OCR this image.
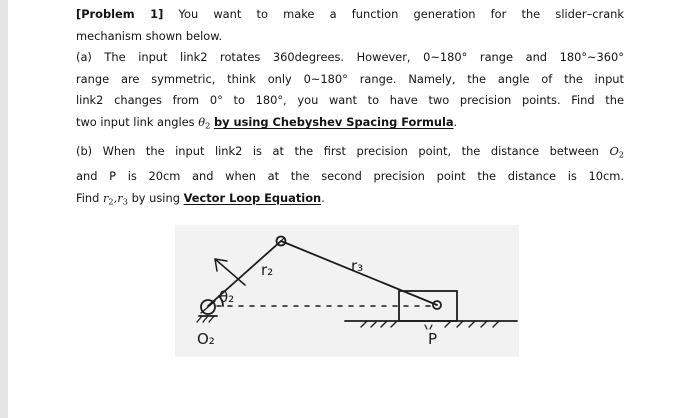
[Problem 1] You want to make a function generation for the slider–crank
mechanism shown below.
(a) The input link2 rotates 360degrees. However, 0~180° range and 180°~360°
range are symmetric, think only 0~180° range. Namely, the angle of the input
link2 changes from 0° to 180°, you want to have two precision points. Find the
two input link angles $\theta_2$ by using Chebyshev Spacing Formula.
(b) When the input link2 is at the first precision point, the distance between $O_2$
and P is 20cm and when at the second precision point the distance is 10cm.
Find $r_2,r_3$ by using Vector Loop Equation.
r₂	r₃
θ₂
O₂	P
